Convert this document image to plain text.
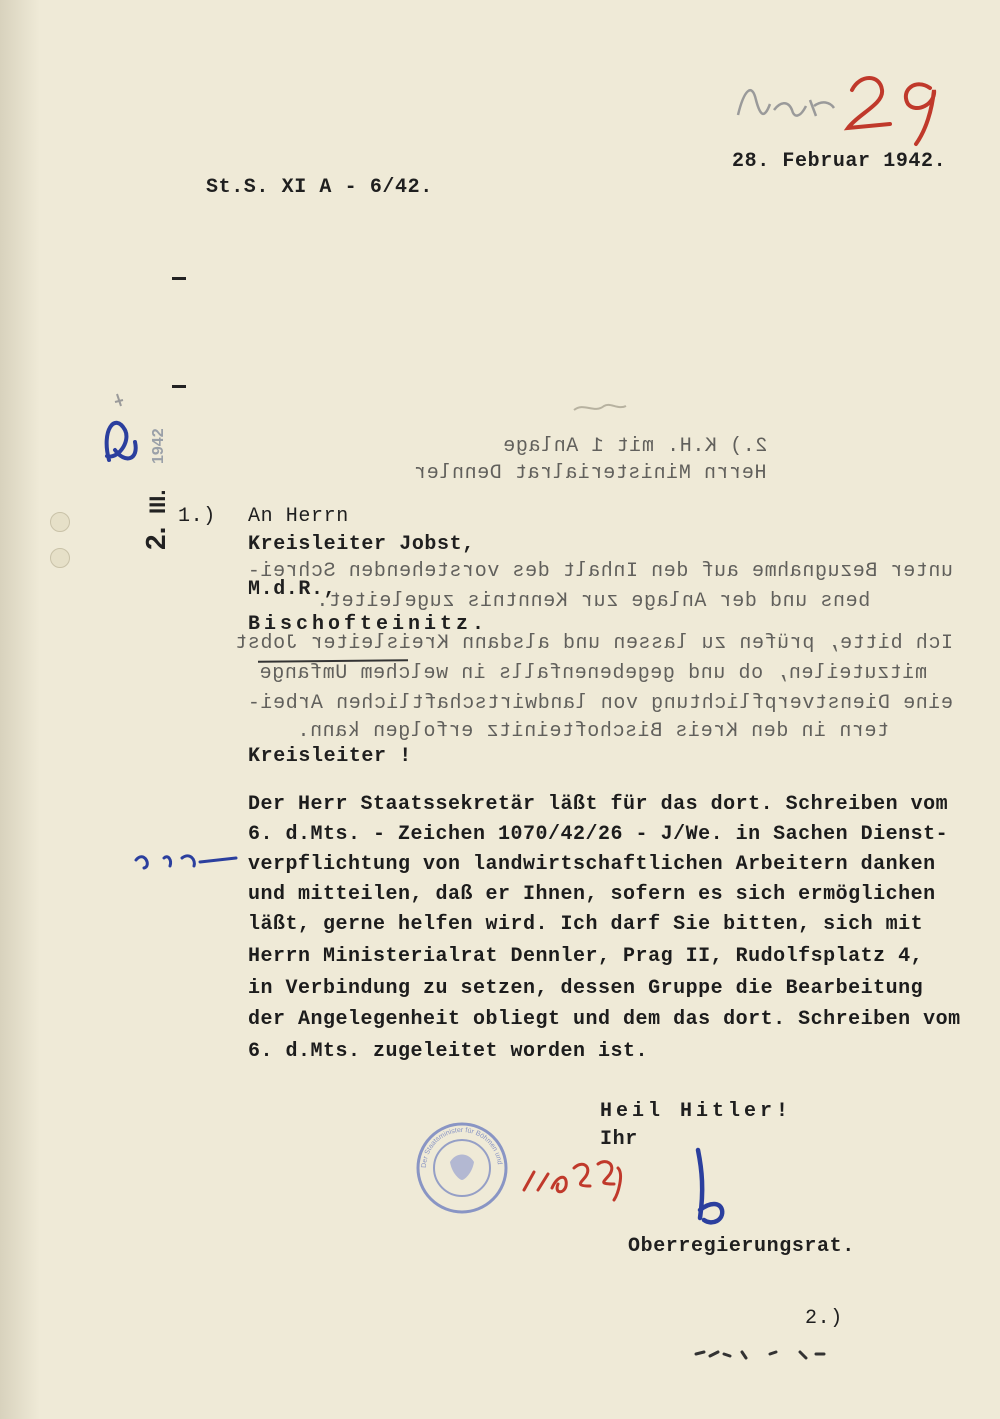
28. Februar 1942.
St.S. XI A - 6/42.
2.
III.
1942	2.) K.H. mit 1 Anlage
Herrn Ministerialrat Dennler
1.) An Herrn
Kreisleiter Jobst,
unter Bezugnahme auf den Inhalt des vorstehenden Schrei-
M.d.R.,
bens und der Anlage zur Kenntnis zugeleitet.
Bischofteinitz.
Ich bitte, prüfen zu lassen und alsdann Kreisleiter Jobst
mitzuteilen, ob und gegebenenfalls in welchem Umfange
eine Dienstverpflichtung von landwirtschaftlichen Arbei-
tern in den Kreis Bischofteinitz erfolgen kann.
Kreisleiter !
Der Herr Staatssekretär läßt für das dort. Schreiben vom
6. d.Mts. - Zeichen 1070/42/26 - J/We. in Sachen Dienst-
verpflichtung von landwirtschaftlichen Arbeitern danken
und mitteilen, daß er Ihnen, sofern es sich ermöglichen
läßt, gerne helfen wird. Ich darf Sie bitten, sich mit
Herrn Ministerialrat Dennler, Prag II, Rudolfsplatz 4,
in Verbindung zu setzen, dessen Gruppe die Bearbeitung
der Angelegenheit obliegt und dem das dort. Schreiben vom
6. d.Mts. zugeleitet worden ist.
Heil Hitler!
Ihr
Der Staatsminister für Böhmen und Mähren
Oberregierungsrat.
2.)
